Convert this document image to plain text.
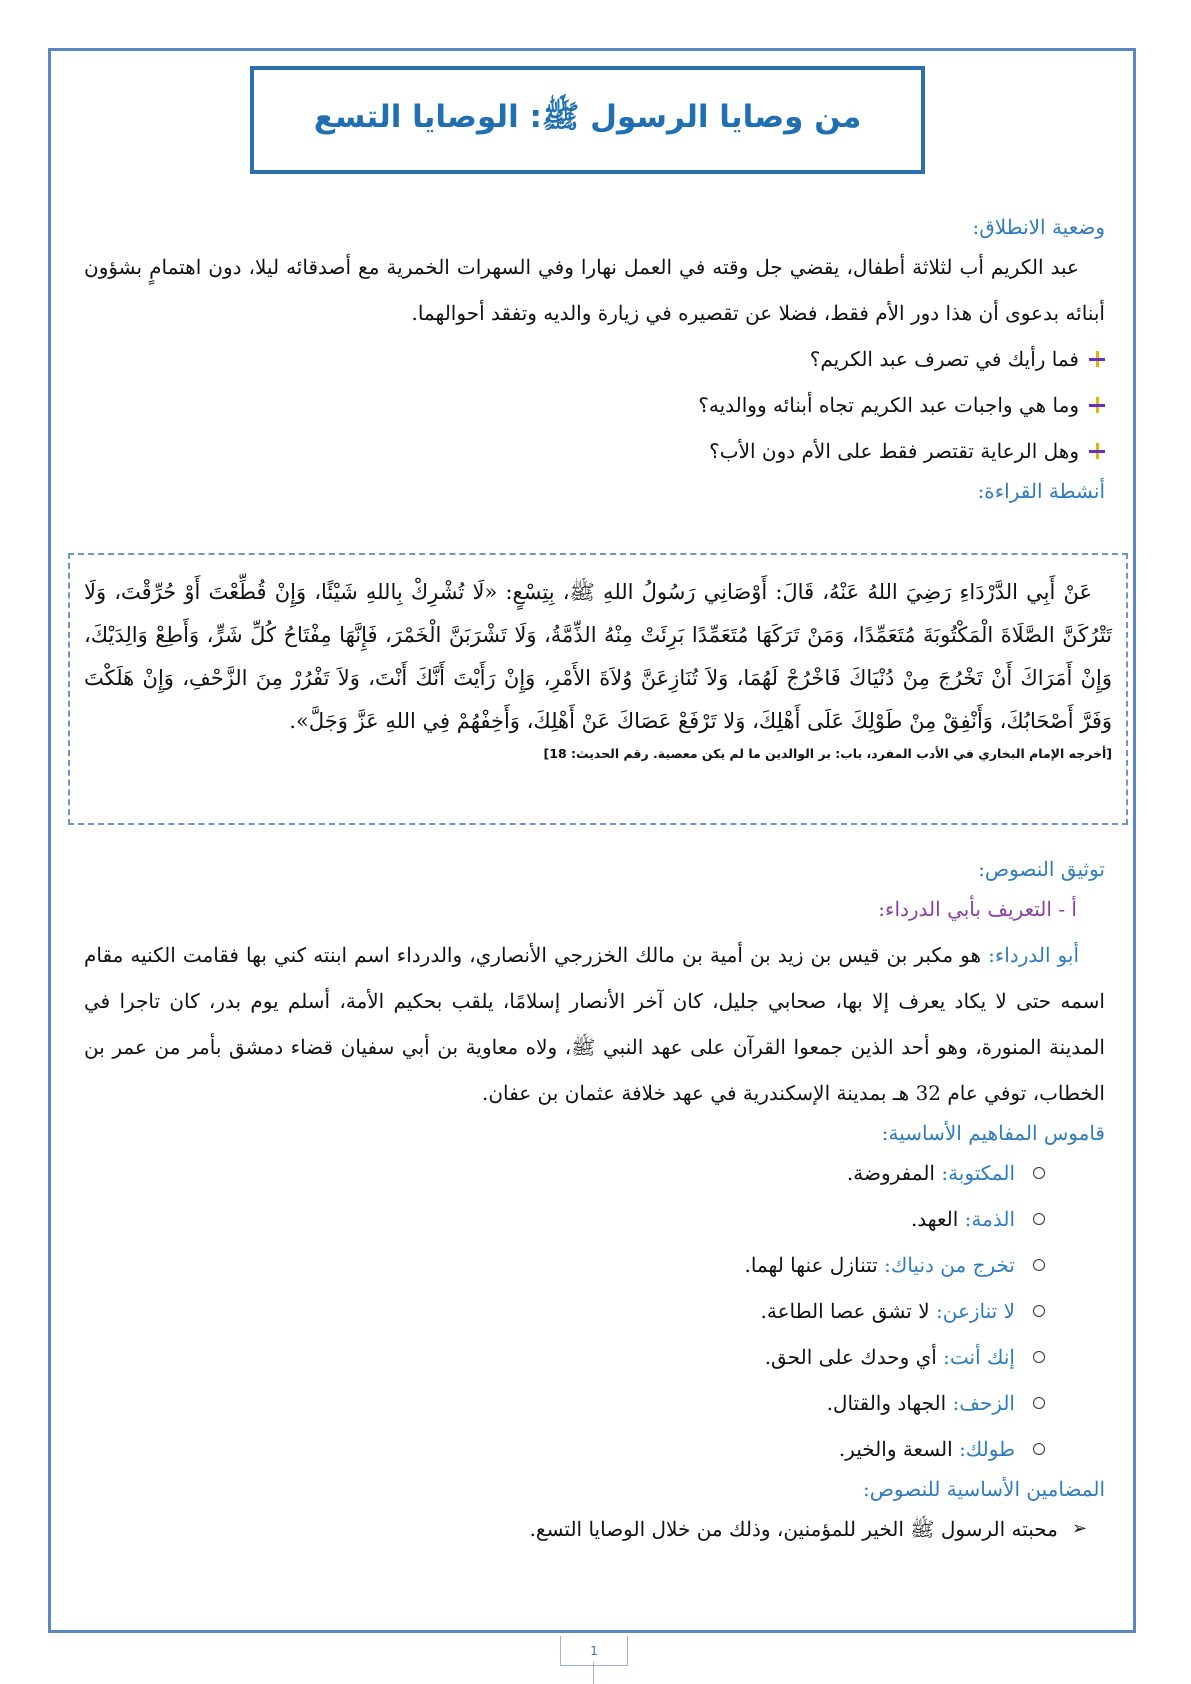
من وصايا الرسول ﷺ: الوصايا التسع

وضعية الانطلاق:

عبد الكريم أب لثلاثة أطفال، يقضي جل وقته في العمل نهارا وفي السهرات الخمرية مع أصدقائه ليلا، دون اهتمامٍ بشؤون أبنائه بدعوى أن هذا دور الأم فقط، فضلا عن تقصيره في زيارة والديه وتفقد أحوالهما.

فما رأيك في تصرف عبد الكريم؟
وما هي واجبات عبد الكريم تجاه أبنائه ووالديه؟
وهل الرعاية تقتصر فقط على الأم دون الأب؟

أنشطة القراءة:

عَنْ أَبِي الدَّرْدَاءِ رَضِيَ اللهُ عَنْهُ، قَالَ: أَوْصَانِي رَسُولُ اللهِ ﷺ، بِتِسْعٍ: «لَا تُشْرِكْ بِاللهِ شَيْئًا، وَإِنْ قُطِّعْتَ أَوْ حُرِّقْتَ، وَلَا تَتْرُكَنَّ الصَّلَاةَ الْمَكْتُوبَةَ مُتَعَمِّدًا، وَمَنْ تَرَكَهَا مُتَعَمِّدًا بَرِئَتْ مِنْهُ الذِّمَّةُ، وَلَا تَشْرَبَنَّ الْخَمْرَ، فَإِنَّهَا مِفْتَاحُ كُلِّ شَرٍّ، وَأَطِعْ وَالِدَيْكَ، وَإِنْ أَمَرَاكَ أَنْ تَخْرُجَ مِنْ دُنْيَاكَ فَاخْرُجْ لَهُمَا، وَلاَ تُنَازِعَنَّ وُلاَةَ الأَمْرِ، وَإِنْ رَأَيْتَ أَنَّكَ أَنْتَ، وَلاَ تَفْرُرْ مِنَ الزَّحْفِ، وَإِنْ هَلَكْتَ وَفَرَّ أَصْحَابُكَ، وَأَنْفِقْ مِنْ طَوْلِكَ عَلَى أَهْلِكَ، وَلا تَرْفَعْ عَصَاكَ عَنْ أَهْلِكَ، وَأَخِفْهُمْ فِي اللهِ عَزَّ وَجَلَّ».

[أخرجه الإمام البخاري في الأدب المفرد، باب: بر الوالدين ما لم يكن معصية. رقم الحديث: 18]

توثيق النصوص:

أ - التعريف بأبي الدرداء:

أبو الدرداء: هو مكبر بن قيس بن زيد بن أمية بن مالك الخزرجي الأنصاري، والدرداء اسم ابنته كني بها فقامت الكنيه مقام اسمه حتى لا يكاد يعرف إلا بها، صحابي جليل، كان آخر الأنصار إسلامًا، يلقب بحكيم الأمة، أسلم يوم بدر، كان تاجرا في المدينة المنورة، وهو أحد الذين جمعوا القرآن على عهد النبي ﷺ، ولاه معاوية بن أبي سفيان قضاء دمشق بأمر من عمر بن الخطاب، توفي عام 32 هـ بمدينة الإسكندرية في عهد خلافة عثمان بن عفان.

قاموس المفاهيم الأساسية:

المكتوبة: المفروضة.
الذمة: العهد.
تخرج من دنياك: تتنازل عنها لهما.
لا تنازعن: لا تشق عصا الطاعة.
إنك أنت: أي وحدك على الحق.
الزحف: الجهاد والقتال.
طولك: السعة والخير.

المضامين الأساسية للنصوص:

➢
محبته الرسول ﷺ الخير للمؤمنين، وذلك من خلال الوصايا التسع.
1
